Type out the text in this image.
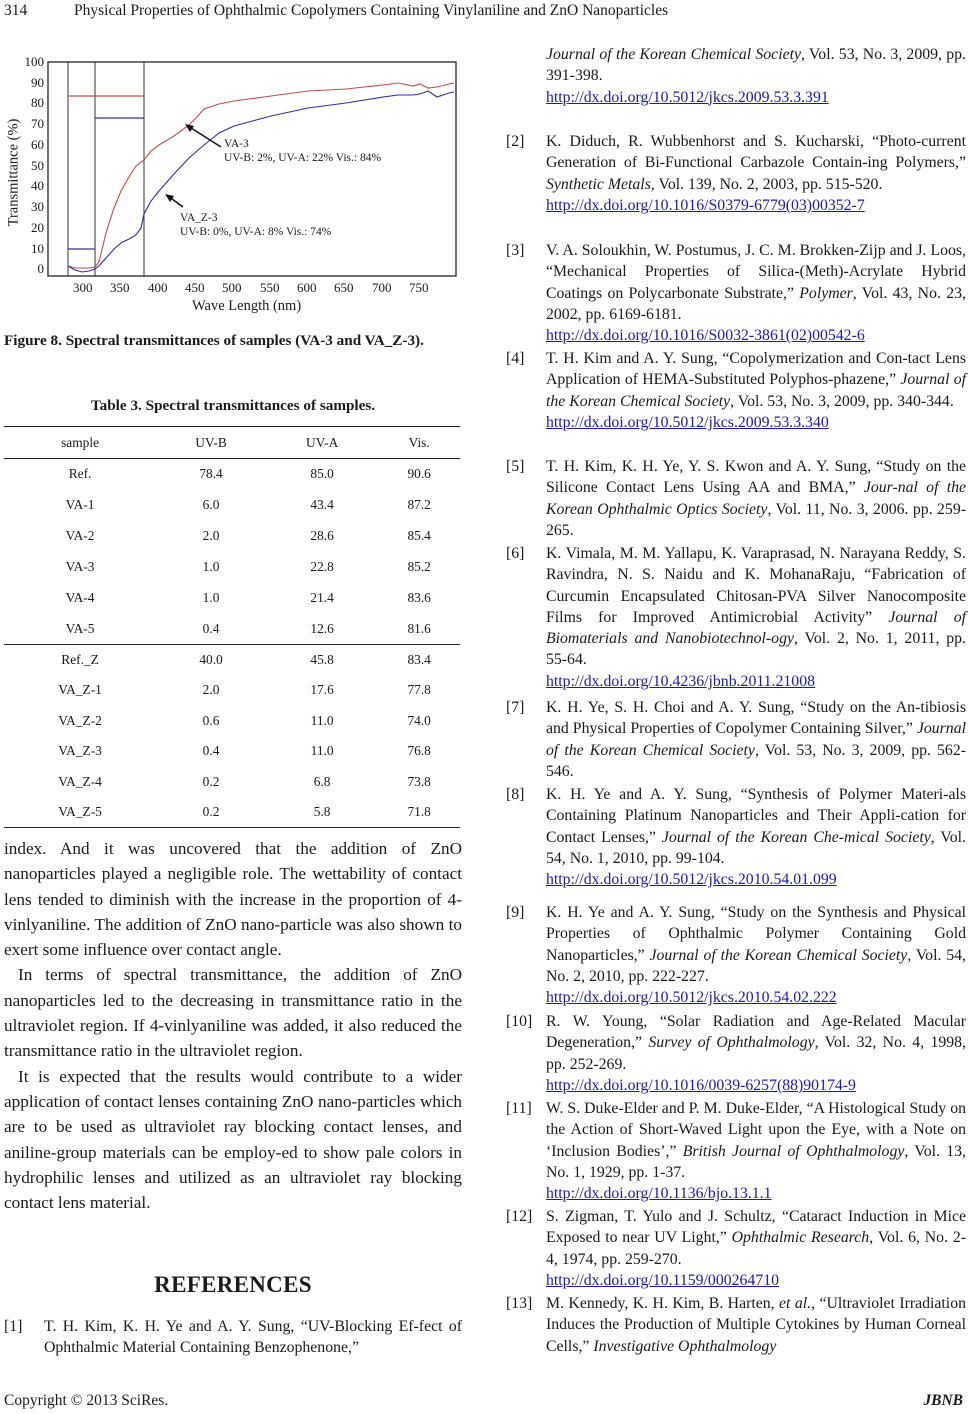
314	Physical Properties of Ophthalmic Copolymers Containing Vinylaniline and ZnO Nanoparticles
100
90
80
70
60
50
40
30
20
10
0
Transmittance (%)
300 350 400 450 500 550 600 650 700 750
Wave Length (nm)
VA-3
UV-B: 2%, UV-A: 22% Vis.: 84%
VA_Z-3
UV-B: 0%, UV-A: 8% Vis.: 74%
Figure 8. Spectral transmittances of samples (VA-3 and VA_Z-3).
Table 3. Spectral transmittances of samples.
sample	UV-B	UV-A	Vis.
Ref.	78.4	85.0	90.6
VA-1	6.0	43.4	87.2
VA-2	2.0	28.6	85.4
VA-3	1.0	22.8	85.2
VA-4	1.0	21.4	83.6
VA-5	0.4	12.6	81.6
Ref._Z	40.0	45.8	83.4
VA_Z-1	2.0	17.6	77.8
VA_Z-2	0.6	11.0	74.0
VA_Z-3	0.4	11.0	76.8
VA_Z-4	0.2	6.8	73.8
VA_Z-5	0.2	5.8	71.8

index. And it was uncovered that the addition of ZnO nanoparticles played a negligible role. The wettability of contact lens tended to diminish with the increase in the proportion of 4-vinlyaniline. The addition of ZnO nano-particle was also shown to exert some influence over contact angle.

In terms of spectral transmittance, the addition of ZnO nanoparticles led to the decreasing in transmittance ratio in the ultraviolet region. If 4-vinlyaniline was added, it also reduced the transmittance ratio in the ultraviolet region.

It is expected that the results would contribute to a wider application of contact lenses containing ZnO nano-particles which are to be used as ultraviolet ray blocking contact lenses, and aniline-group materials can be employ-ed to show pale colors in hydrophilic lenses and utilized as an ultraviolet ray blocking contact lens material.

REFERENCES
[1] T. H. Kim, K. H. Ye and A. Y. Sung, “UV-Blocking Ef-fect of Ophthalmic Material Containing Benzophenone,”
Journal of the Korean Chemical Society, Vol. 53, No. 3, 2009, pp. 391-398.
http://dx.doi.org/10.5012/jkcs.2009.53.3.391
[2] K. Diduch, R. Wubbenhorst and S. Kucharski, “Photo-current Generation of Bi-Functional Carbazole Contain-ing Polymers,” Synthetic Metals, Vol. 139, No. 2, 2003, pp. 515-520.
http://dx.doi.org/10.1016/S0379-6779(03)00352-7
[3] V. A. Soloukhin, W. Postumus, J. C. M. Brokken-Zijp and J. Loos, “Mechanical Properties of Silica-(Meth)-Acrylate Hybrid Coatings on Polycarbonate Substrate,” Polymer, Vol. 43, No. 23, 2002, pp. 6169-6181.
http://dx.doi.org/10.1016/S0032-3861(02)00542-6
[4] T. H. Kim and A. Y. Sung, “Copolymerization and Con-tact Lens Application of HEMA-Substituted Polyphos-phazene,” Journal of the Korean Chemical Society, Vol. 53, No. 3, 2009, pp. 340-344.
http://dx.doi.org/10.5012/jkcs.2009.53.3.340
[5] T. H. Kim, K. H. Ye, Y. S. Kwon and A. Y. Sung, “Study on the Silicone Contact Lens Using AA and BMA,” Jour-nal of the Korean Ophthalmic Optics Society, Vol. 11, No. 3, 2006. pp. 259-265.
[6] K. Vimala, M. M. Yallapu, K. Varaprasad, N. Narayana Reddy, S. Ravindra, N. S. Naidu and K. MohanaRaju, “Fabrication of Curcumin Encapsulated Chitosan-PVA Silver Nanocomposite Films for Improved Antimicrobial Activity” Journal of Biomaterials and Nanobiotechnol-ogy, Vol. 2, No. 1, 2011, pp. 55-64.
http://dx.doi.org/10.4236/jbnb.2011.21008
[7] K. H. Ye, S. H. Choi and A. Y. Sung, “Study on the An-tibiosis and Physical Properties of Copolymer Containing Silver,” Journal of the Korean Chemical Society, Vol. 53, No. 3, 2009, pp. 562-546.
[8] K. H. Ye and A. Y. Sung, “Synthesis of Polymer Materi-als Containing Platinum Nanoparticles and Their Appli-cation for Contact Lenses,” Journal of the Korean Che-mical Society, Vol. 54, No. 1, 2010, pp. 99-104.
http://dx.doi.org/10.5012/jkcs.2010.54.01.099
[9] K. H. Ye and A. Y. Sung, “Study on the Synthesis and Physical Properties of Ophthalmic Polymer Containing Gold Nanoparticles,” Journal of the Korean Chemical Society, Vol. 54, No. 2, 2010, pp. 222-227.
http://dx.doi.org/10.5012/jkcs.2010.54.02.222
[10] R. W. Young, “Solar Radiation and Age-Related Macular Degeneration,” Survey of Ophthalmology, Vol. 32, No. 4, 1998, pp. 252-269.
http://dx.doi.org/10.1016/0039-6257(88)90174-9
[11] W. S. Duke-Elder and P. M. Duke-Elder, “A Histological Study on the Action of Short-Waved Light upon the Eye, with a Note on ‘Inclusion Bodies’,” British Journal of Ophthalmology, Vol. 13, No. 1, 1929, pp. 1-37.
http://dx.doi.org/10.1136/bjo.13.1.1
[12] S. Zigman, T. Yulo and J. Schultz, “Cataract Induction in Mice Exposed to near UV Light,” Ophthalmic Research, Vol. 6, No. 2-4, 1974, pp. 259-270.
http://dx.doi.org/10.1159/000264710
[13] M. Kennedy, K. H. Kim, B. Harten, et al., “Ultraviolet Irradiation Induces the Production of Multiple Cytokines by Human Corneal Cells,” Investigative Ophthalmology
Copyright © 2013 SciRes.	JBNB
